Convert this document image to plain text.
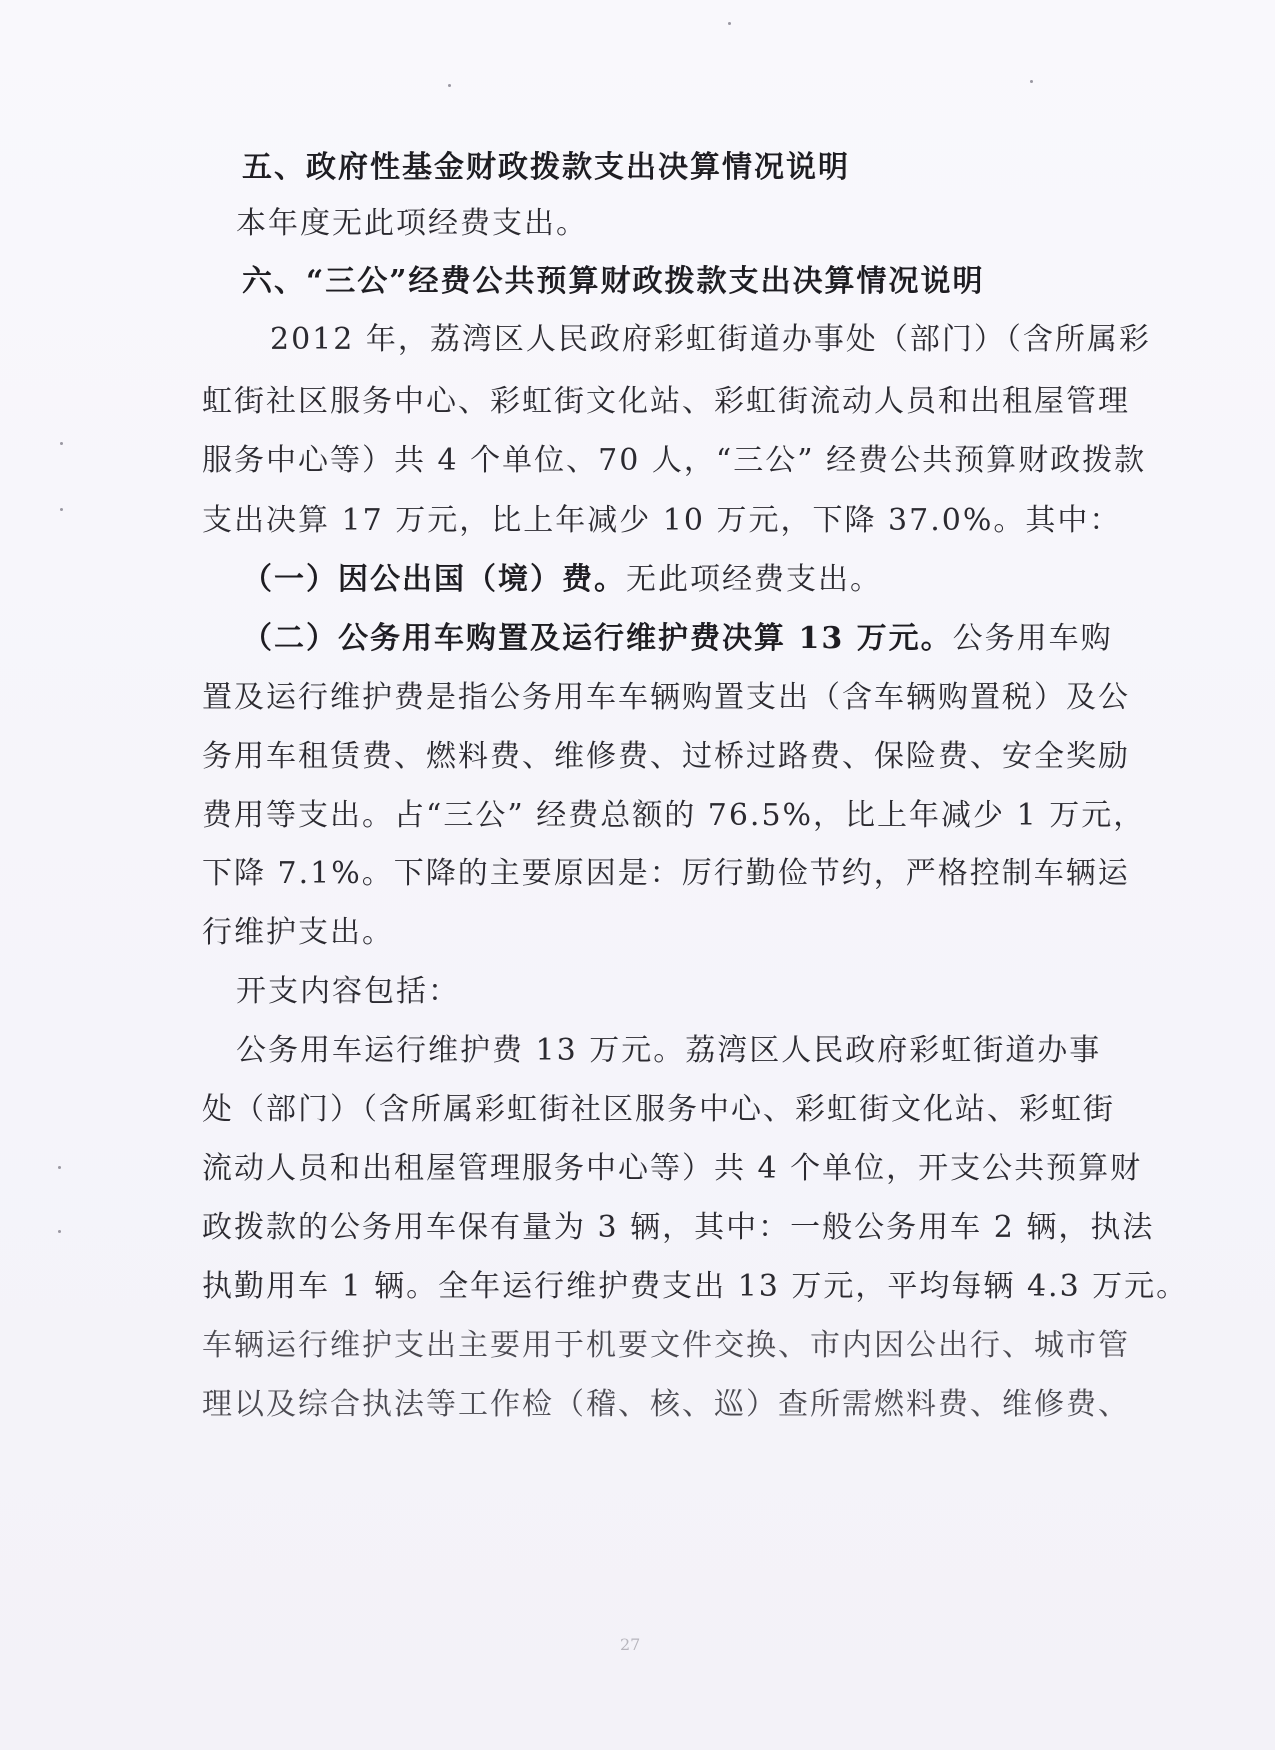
五、政府性基金财政拨款支出决算情况说明
本年度无此项经费支出。
六、“三公”经费公共预算财政拨款支出决算情况说明
2012 年，荔湾区人民政府彩虹街道办事处（部门）（含所属彩
虹街社区服务中心、彩虹街文化站、彩虹街流动人员和出租屋管理
服务中心等）共 4 个单位、70 人，“三公” 经费公共预算财政拨款
支出决算 17 万元，比上年减少 10 万元，下降 37.0%。其中：
（一）因公出国（境）费。无此项经费支出。
（二）公务用车购置及运行维护费决算 13 万元。公务用车购
置及运行维护费是指公务用车车辆购置支出（含车辆购置税）及公
务用车租赁费、燃料费、维修费、过桥过路费、保险费、安全奖励
费用等支出。占“三公” 经费总额的 76.5%，比上年减少 1 万元，
下降 7.1%。下降的主要原因是：厉行勤俭节约，严格控制车辆运
行维护支出。
开支内容包括：
公务用车运行维护费 13 万元。荔湾区人民政府彩虹街道办事
处（部门）（含所属彩虹街社区服务中心、彩虹街文化站、彩虹街
流动人员和出租屋管理服务中心等）共 4 个单位，开支公共预算财
政拨款的公务用车保有量为 3 辆，其中：一般公务用车 2 辆，执法
执勤用车 1 辆。全年运行维护费支出 13 万元，平均每辆 4.3 万元。
车辆运行维护支出主要用于机要文件交换、市内因公出行、城市管
理以及综合执法等工作检（稽、核、巡）查所需燃料费、维修费、
27
